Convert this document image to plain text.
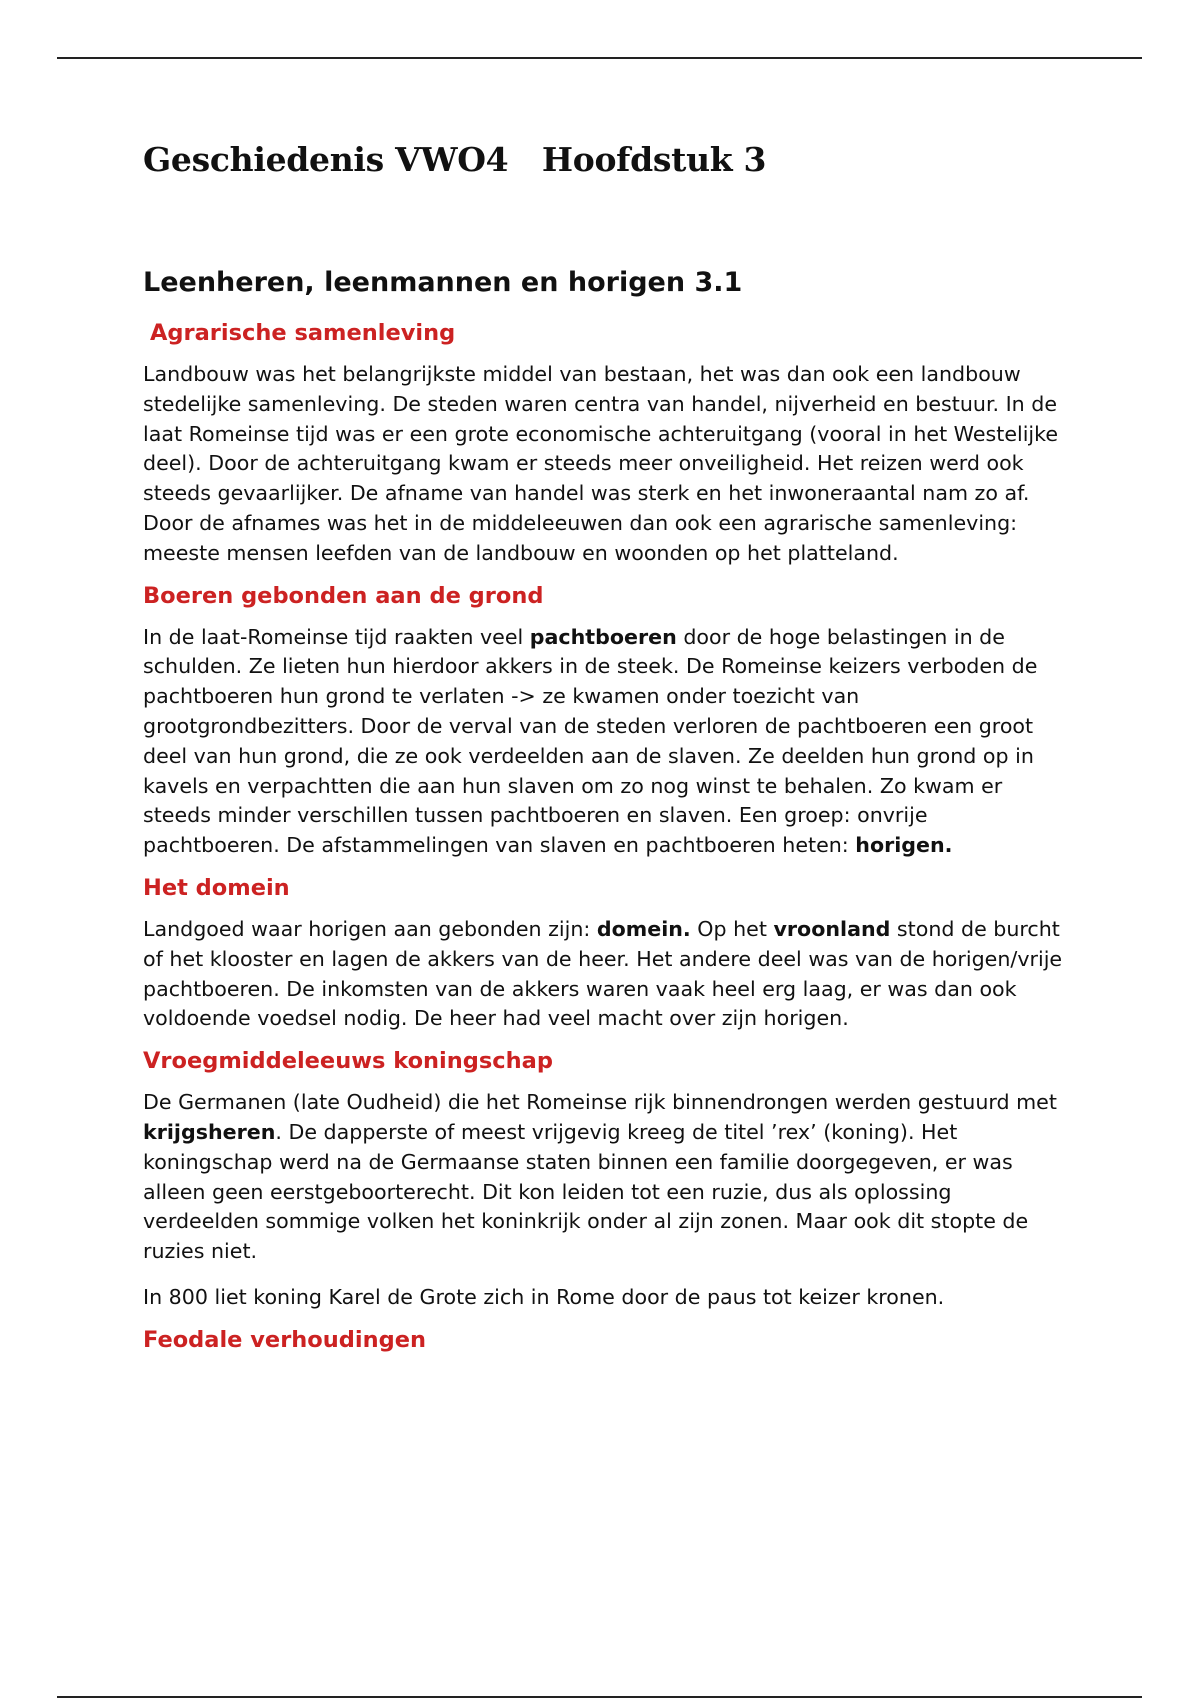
Geschiedenis VWO4   Hoofdstuk 3
Leenheren, leenmannen en horigen 3.1
Agrarische samenleving

Landbouw was het belangrijkste middel van bestaan, het was dan ook een landbouw stedelijke samenleving. De steden waren centra van handel, nijverheid en bestuur. In de laat Romeinse tijd was er een grote economische achteruitgang (vooral in het Westelijke deel). Door de achteruitgang kwam er steeds meer onveiligheid. Het reizen werd ook steeds gevaarlijker. De afname van handel was sterk en het inwoneraantal nam zo af. Door de afnames was het in de middeleeuwen dan ook een agrarische samenleving: meeste mensen leefden van de landbouw en woonden op het platteland.

Boeren gebonden aan de grond

In de laat-Romeinse tijd raakten veel pachtboeren door de hoge belastingen in de schulden. Ze lieten hun hierdoor akkers in de steek. De Romeinse keizers verboden de pachtboeren hun grond te verlaten -> ze kwamen onder toezicht van grootgrondbezitters. Door de verval van de steden verloren de pachtboeren een groot deel van hun grond, die ze ook verdeelden aan de slaven. Ze deelden hun grond op in kavels en verpachtten die aan hun slaven om zo nog winst te behalen. Zo kwam er steeds minder verschillen tussen pachtboeren en slaven. Een groep: onvrije pachtboeren. De afstammelingen van slaven en pachtboeren heten: horigen.

Het domein

Landgoed waar horigen aan gebonden zijn: domein. Op het vroonland stond de burcht of het klooster en lagen de akkers van de heer. Het andere deel was van de horigen/vrije pachtboeren. De inkomsten van de akkers waren vaak heel erg laag, er was dan ook voldoende voedsel nodig. De heer had veel macht over zijn horigen.

Vroegmiddeleeuws koningschap

De Germanen (late Oudheid) die het Romeinse rijk binnendrongen werden gestuurd met krijgsheren. De dapperste of meest vrijgevig kreeg de titel ’rex’ (koning). Het koningschap werd na de Germaanse staten binnen een familie doorgegeven, er was alleen geen eerstgeboorterecht. Dit kon leiden tot een ruzie, dus als oplossing verdeelden sommige volken het koninkrijk onder al zijn zonen. Maar ook dit stopte de ruzies niet.

In 800 liet koning Karel de Grote zich in Rome door de paus tot keizer kronen.

Feodale verhoudingen
